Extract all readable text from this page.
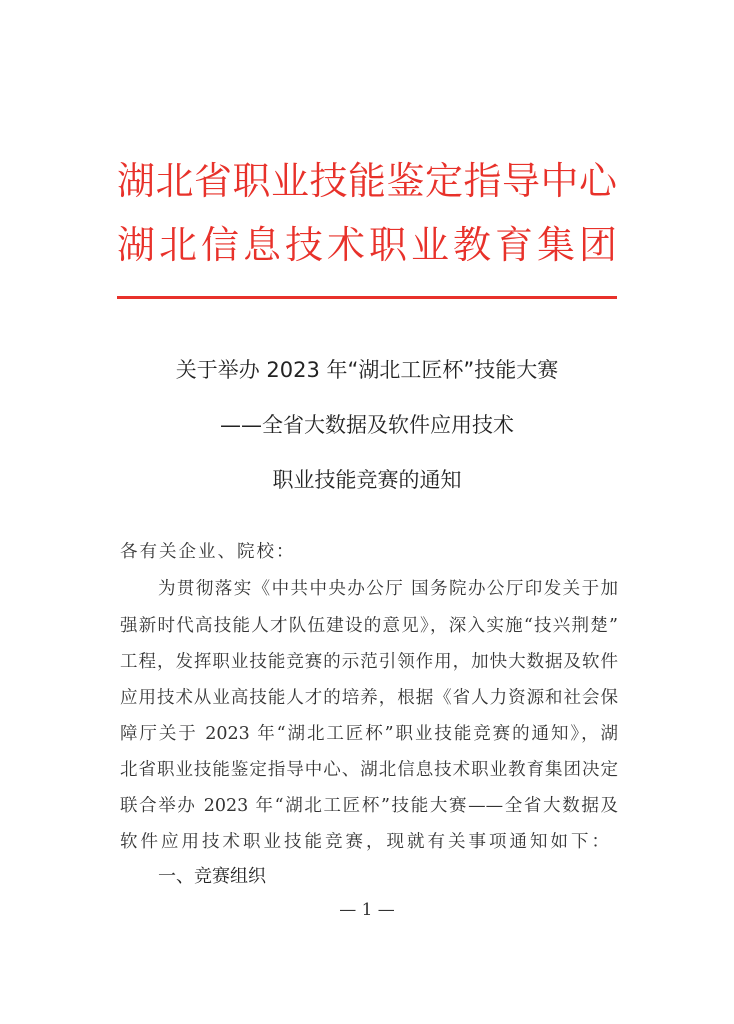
湖北省职业技能鉴定指导中心
湖北信息技术职业教育集团
关于举办 2023 年“湖北工匠杯”技能大赛
——全省大数据及软件应用技术
职业技能竞赛的通知
各有关企业、院校：
为贯彻落实《中共中央办公厅 国务院办公厅印发关于加
强新时代高技能人才队伍建设的意见》，深入实施“技兴荆楚”
工程，发挥职业技能竞赛的示范引领作用，加快大数据及软件
应用技术从业高技能人才的培养，根据《省人力资源和社会保
障厅关于 2023 年“湖北工匠杯”职业技能竞赛的通知》，湖
北省职业技能鉴定指导中心、湖北信息技术职业教育集团决定
联合举办 2023 年“湖北工匠杯”技能大赛——全省大数据及
软件应用技术职业技能竞赛，现就有关事项通知如下：
一、竞赛组织
— 1 —
